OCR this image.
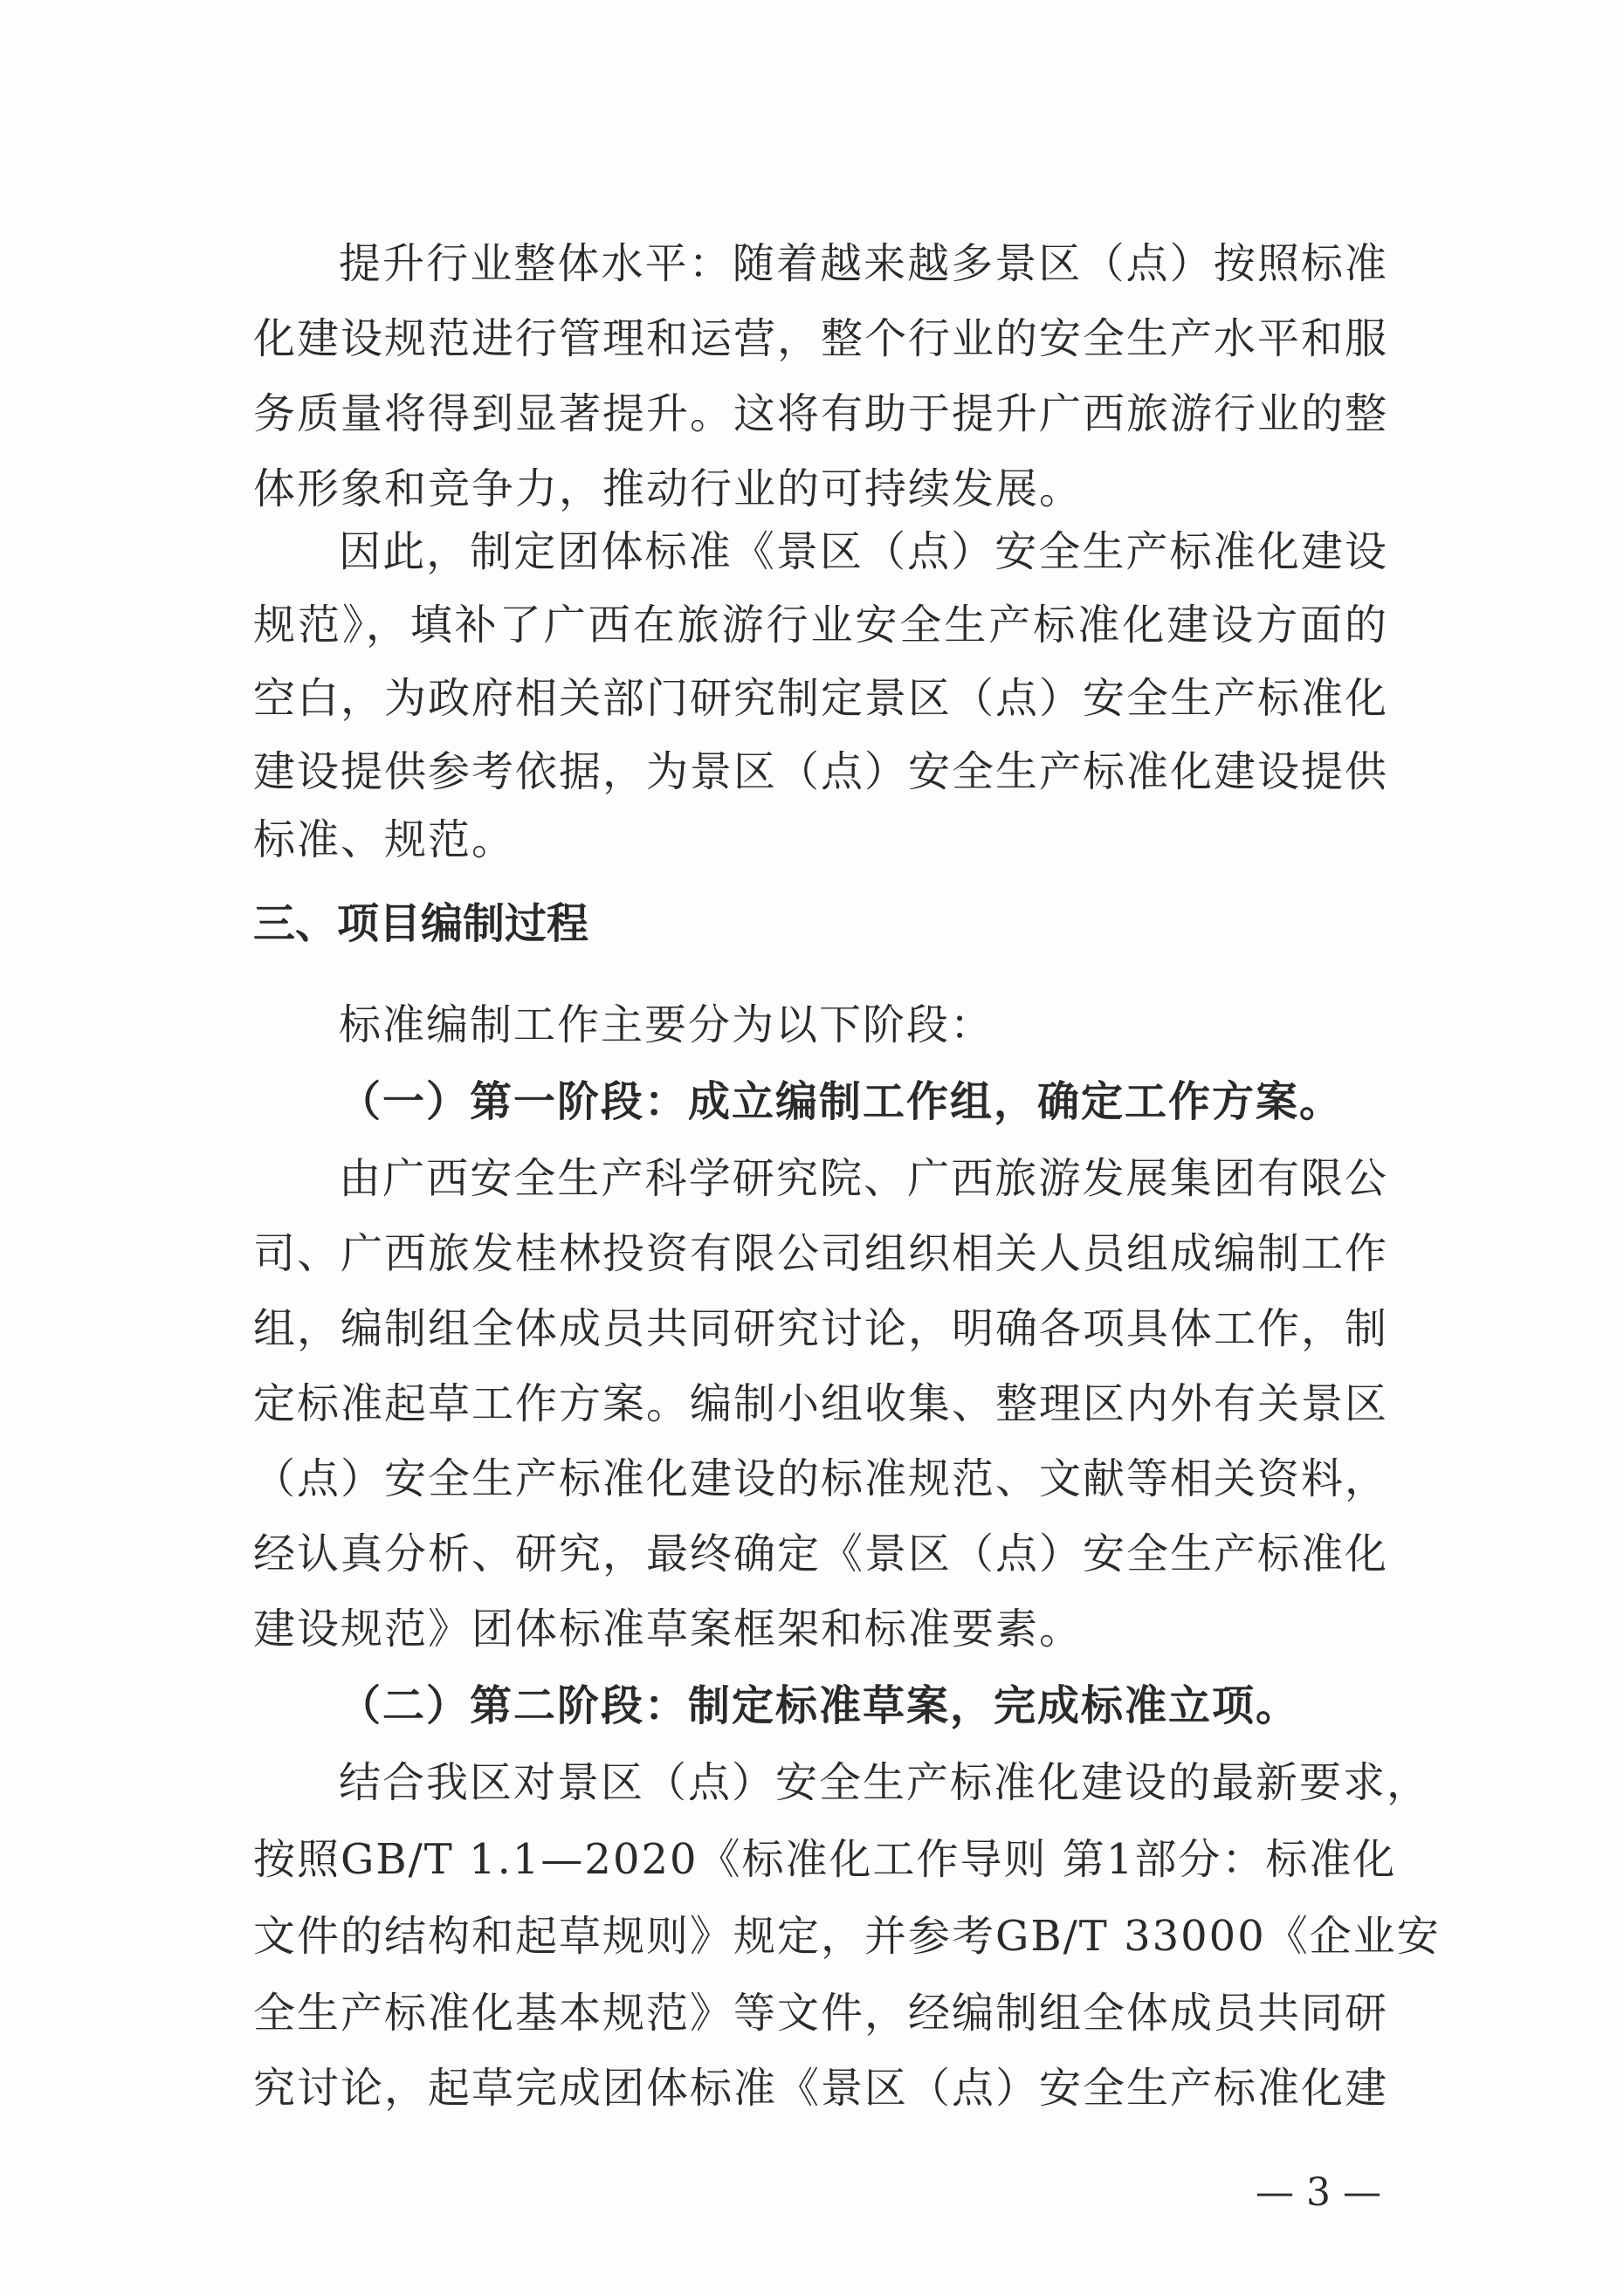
提升行业整体水平：随着越来越多景区（点）按照标准
化建设规范进行管理和运营，整个行业的安全生产水平和服
务质量将得到显著提升。这将有助于提升广西旅游行业的整
体形象和竞争力，推动行业的可持续发展。
因此，制定团体标准《景区（点）安全生产标准化建设
规范》，填补了广西在旅游行业安全生产标准化建设方面的
空白，为政府相关部门研究制定景区（点）安全生产标准化
建设提供参考依据，为景区（点）安全生产标准化建设提供
标准、规范。
三、项目编制过程
标准编制工作主要分为以下阶段：
（一）第一阶段：成立编制工作组，确定工作方案。
由广西安全生产科学研究院、广西旅游发展集团有限公
司、广西旅发桂林投资有限公司组织相关人员组成编制工作
组，编制组全体成员共同研究讨论，明确各项具体工作，制
定标准起草工作方案。编制小组收集、整理区内外有关景区
（点）安全生产标准化建设的标准规范、文献等相关资料，
经认真分析、研究，最终确定《景区（点）安全生产标准化
建设规范》团体标准草案框架和标准要素。
（二）第二阶段：制定标准草案，完成标准立项。
结合我区对景区（点）安全生产标准化建设的最新要求，
按照GB/T 1.1—2020《标准化工作导则 第1部分：标准化
文件的结构和起草规则》规定，并参考GB/T 33000《企业安
全生产标准化基本规范》等文件，经编制组全体成员共同研
究讨论，起草完成团体标准《景区（点）安全生产标准化建
— 3 —
